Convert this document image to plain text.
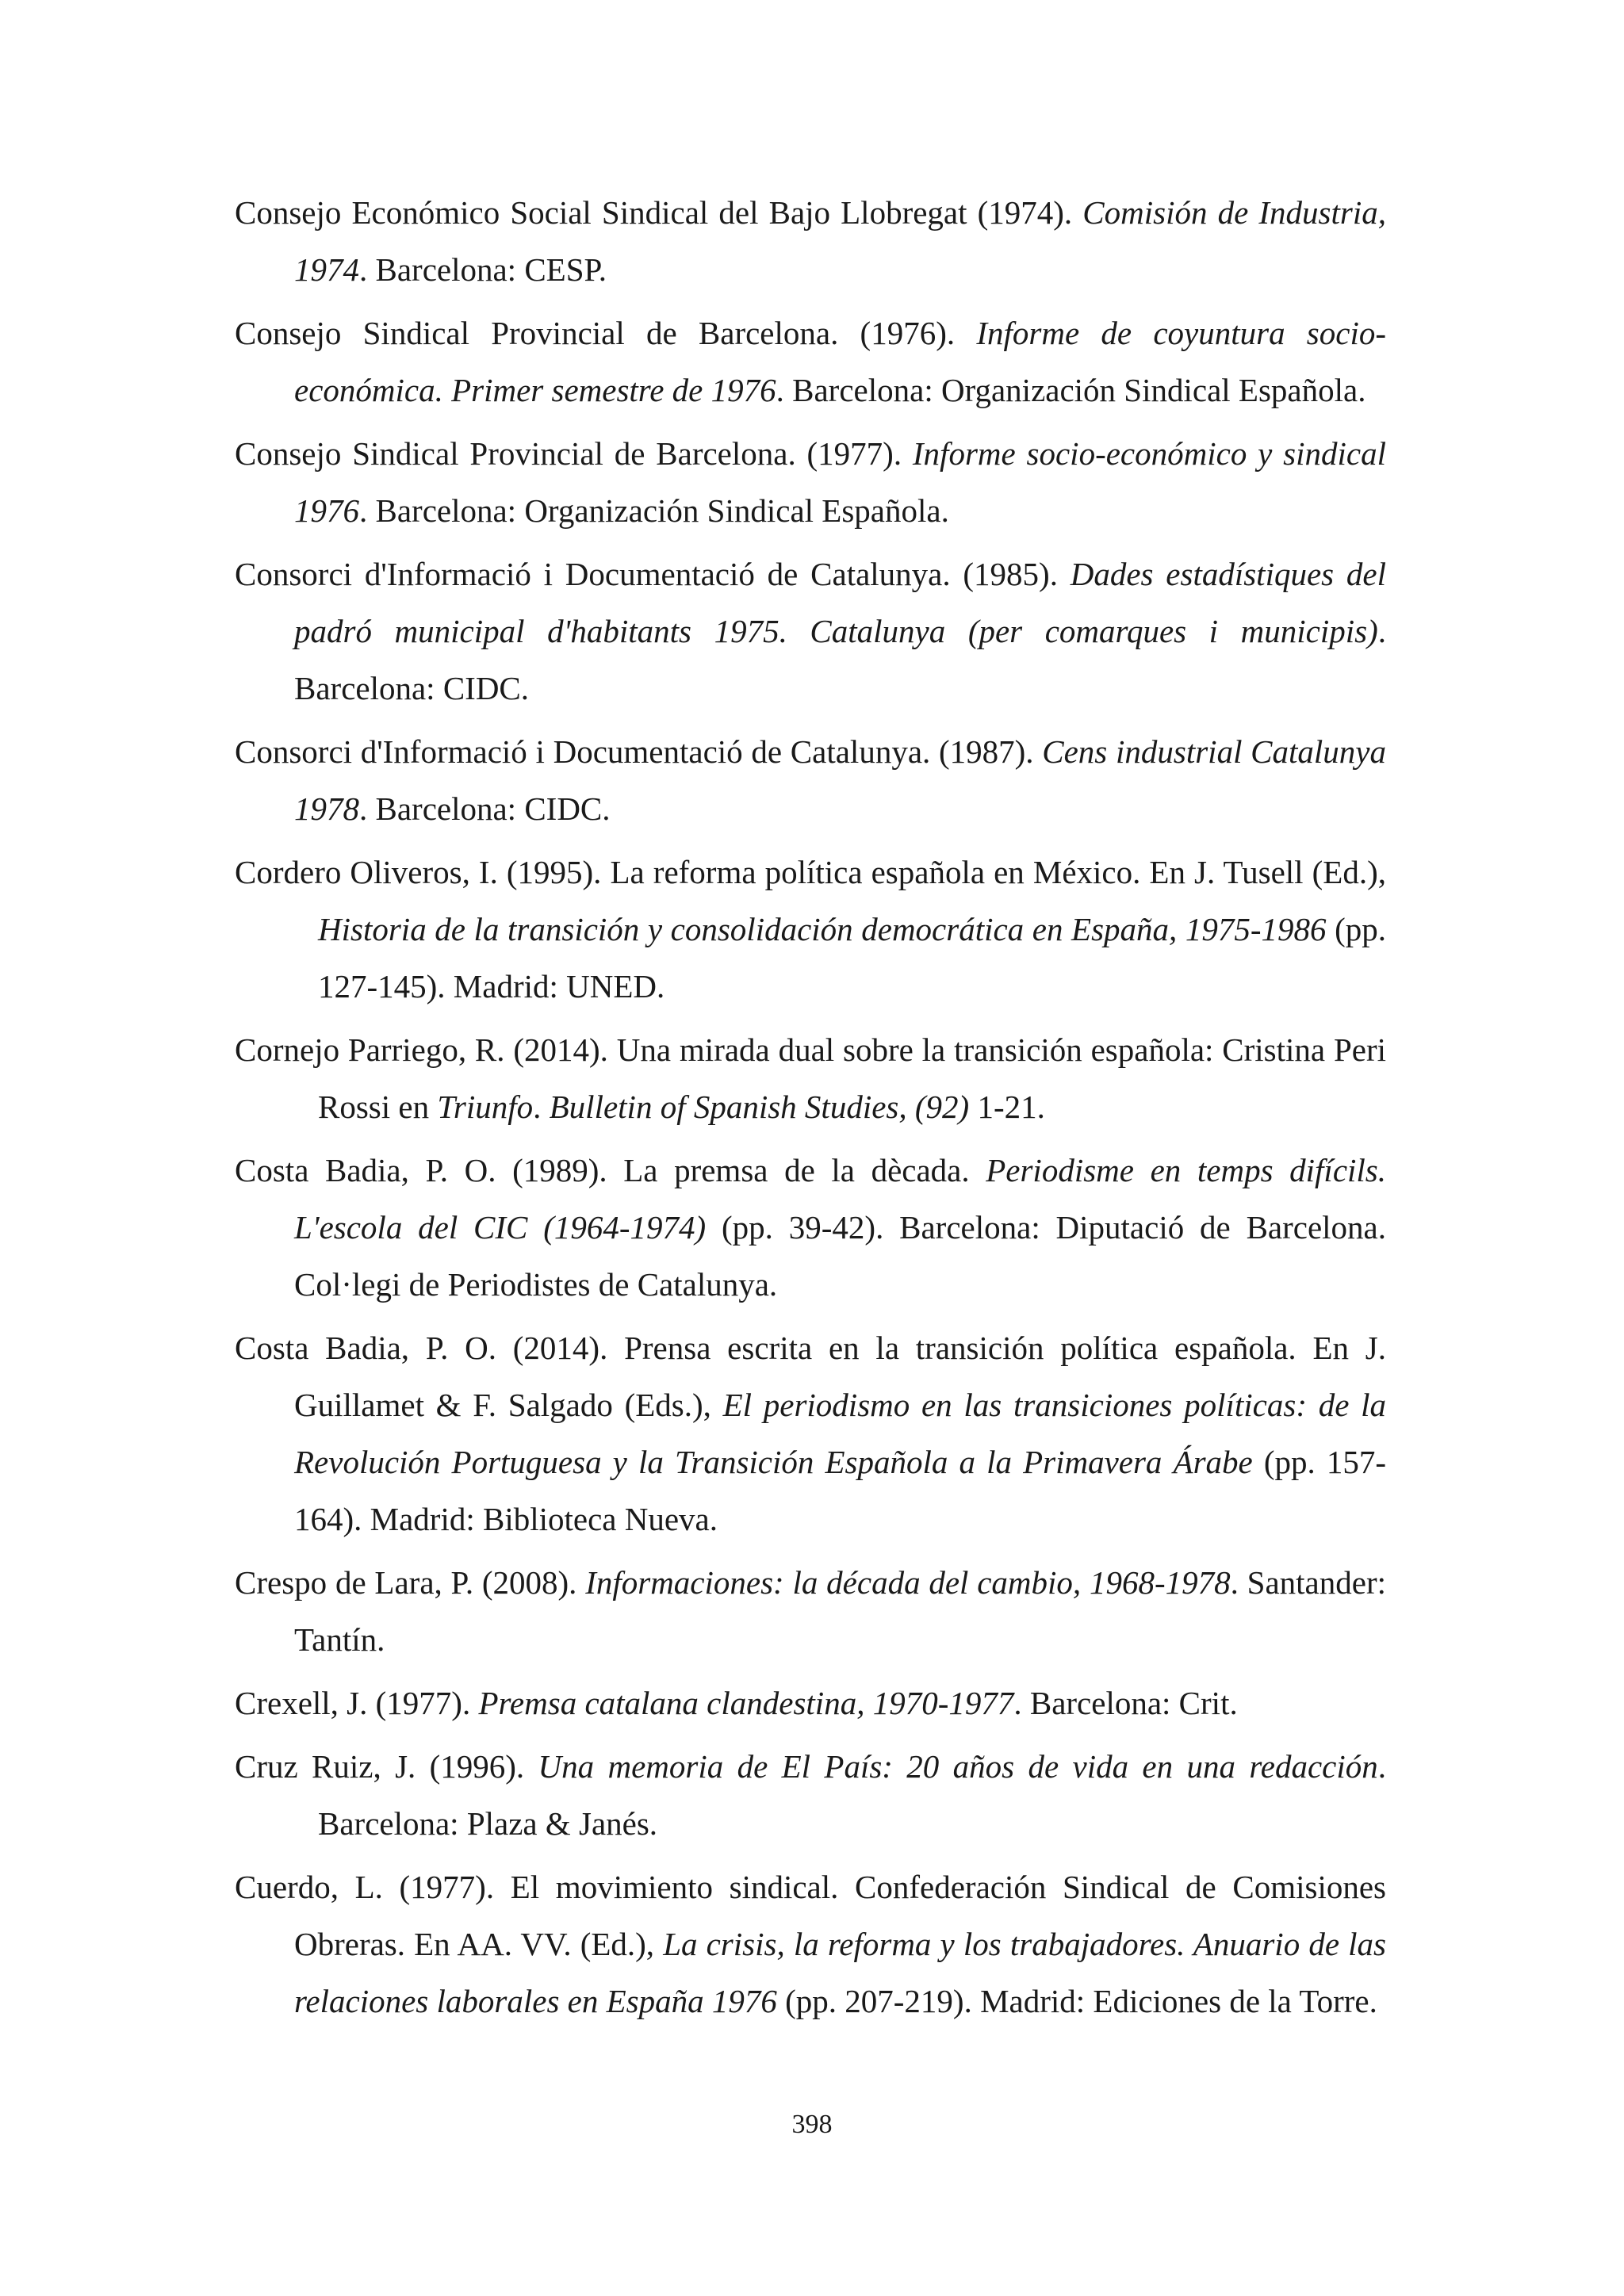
Consejo Económico Social Sindical del Bajo Llobregat (1974). Comisión de Industria, 1974. Barcelona: CESP.

Consejo Sindical Provincial de Barcelona. (1976). Informe de coyuntura socio-económica. Primer semestre de 1976. Barcelona: Organización Sindical Española.

Consejo Sindical Provincial de Barcelona. (1977). Informe socio-económico y sindical 1976. Barcelona: Organización Sindical Española.

Consorci d'Informació i Documentació de Catalunya. (1985). Dades estadístiques del padró municipal d'habitants 1975. Catalunya (per comarques i municipis). Barcelona: CIDC.

Consorci d'Informació i Documentació de Catalunya. (1987). Cens industrial Catalunya 1978. Barcelona: CIDC.

Cordero Oliveros, I. (1995). La reforma política española en México. En J. Tusell (Ed.), Historia de la transición y consolidación democrática en España, 1975-1986 (pp. 127-145). Madrid: UNED.

Cornejo Parriego, R. (2014). Una mirada dual sobre la transición española: Cristina Peri Rossi en Triunfo. Bulletin of Spanish Studies, (92) 1-21.

Costa Badia, P. O. (1989). La premsa de la dècada. Periodisme en temps difícils. L'escola del CIC (1964-1974) (pp. 39-42). Barcelona: Diputació de Barcelona. Col·legi de Periodistes de Catalunya.

Costa Badia, P. O. (2014). Prensa escrita en la transición política española. En J. Guillamet & F. Salgado (Eds.), El periodismo en las transiciones políticas: de la Revolución Portuguesa y la Transición Española a la Primavera Árabe (pp. 157-164). Madrid: Biblioteca Nueva.

Crespo de Lara, P. (2008). Informaciones: la década del cambio, 1968-1978. Santander: Tantín.

Crexell, J. (1977). Premsa catalana clandestina, 1970-1977. Barcelona: Crit.

Cruz Ruiz, J. (1996). Una memoria de El País: 20 años de vida en una redacción. Barcelona: Plaza & Janés.

Cuerdo, L. (1977). El movimiento sindical. Confederación Sindical de Comisiones Obreras. En AA. VV. (Ed.), La crisis, la reforma y los trabajadores. Anuario de las relaciones laborales en España 1976 (pp. 207-219). Madrid: Ediciones de la Torre.

398
